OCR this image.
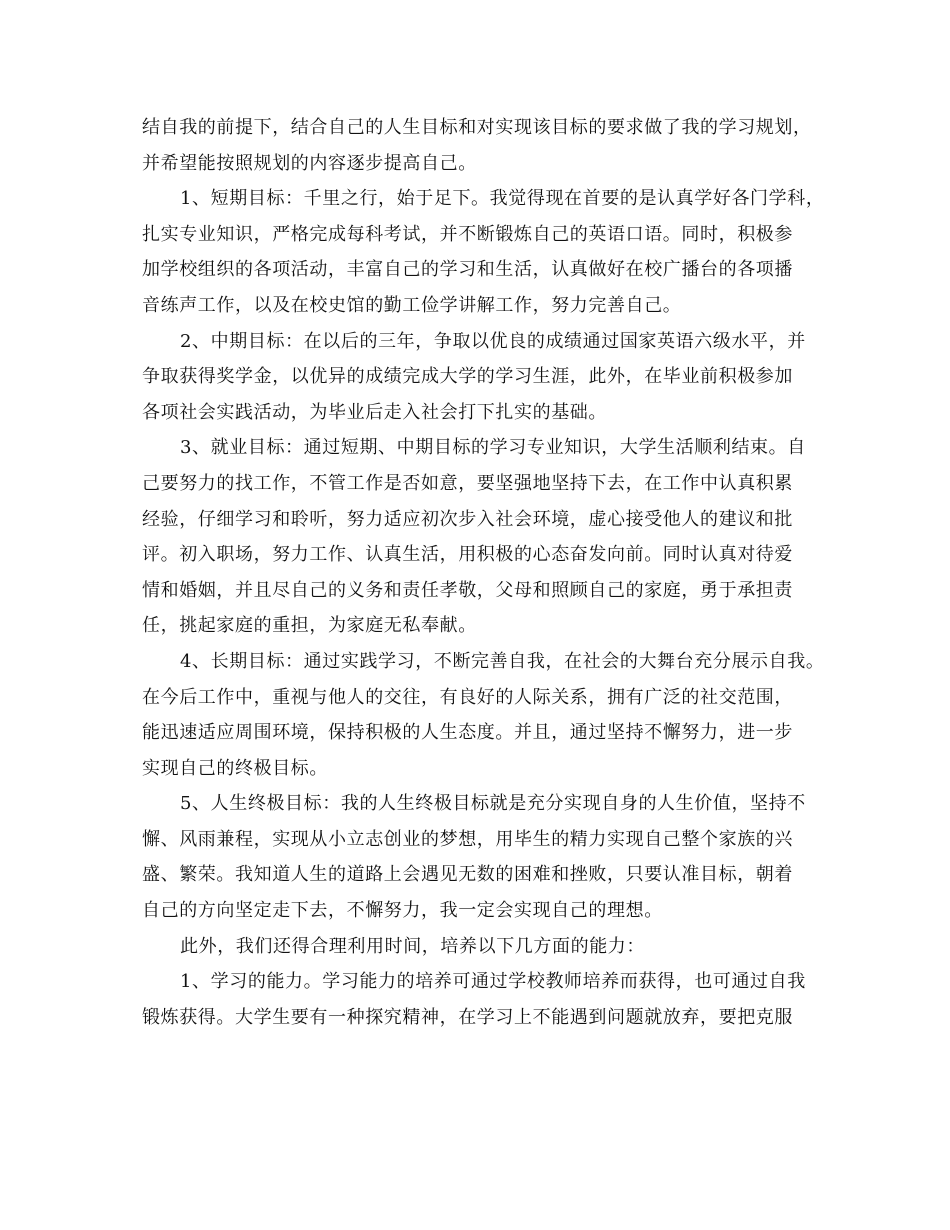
结自我的前提下，结合自己的人生目标和对实现该目标的要求做了我的学习规划，
并希望能按照规划的内容逐步提高自己。
1、短期目标：千里之行，始于足下。我觉得现在首要的是认真学好各门学科，
扎实专业知识，严格完成每科考试，并不断锻炼自己的英语口语。同时，积极参
加学校组织的各项活动，丰富自己的学习和生活，认真做好在校广播台的各项播
音练声工作，以及在校史馆的勤工俭学讲解工作，努力完善自己。
2、中期目标：在以后的三年，争取以优良的成绩通过国家英语六级水平，并
争取获得奖学金，以优异的成绩完成大学的学习生涯，此外，在毕业前积极参加
各项社会实践活动，为毕业后走入社会打下扎实的基础。
3、就业目标：通过短期、中期目标的学习专业知识，大学生活顺利结束。自
己要努力的找工作，不管工作是否如意，要坚强地坚持下去，在工作中认真积累
经验，仔细学习和聆听，努力适应初次步入社会环境，虚心接受他人的建议和批
评。初入职场，努力工作、认真生活，用积极的心态奋发向前。同时认真对待爱
情和婚姻，并且尽自己的义务和责任孝敬，父母和照顾自己的家庭，勇于承担责
任，挑起家庭的重担，为家庭无私奉献。
4、长期目标：通过实践学习，不断完善自我，在社会的大舞台充分展示自我。
在今后工作中，重视与他人的交往，有良好的人际关系，拥有广泛的社交范围，
能迅速适应周围环境，保持积极的人生态度。并且，通过坚持不懈努力，进一步
实现自己的终极目标。
5、人生终极目标：我的人生终极目标就是充分实现自身的人生价值，坚持不
懈、风雨兼程，实现从小立志创业的梦想，用毕生的精力实现自己整个家族的兴
盛、繁荣。我知道人生的道路上会遇见无数的困难和挫败，只要认准目标，朝着
自己的方向坚定走下去，不懈努力，我一定会实现自己的理想。
此外，我们还得合理利用时间，培养以下几方面的能力：
1、学习的能力。学习能力的培养可通过学校教师培养而获得，也可通过自我
锻炼获得。大学生要有一种探究精神，在学习上不能遇到问题就放弃，要把克服
